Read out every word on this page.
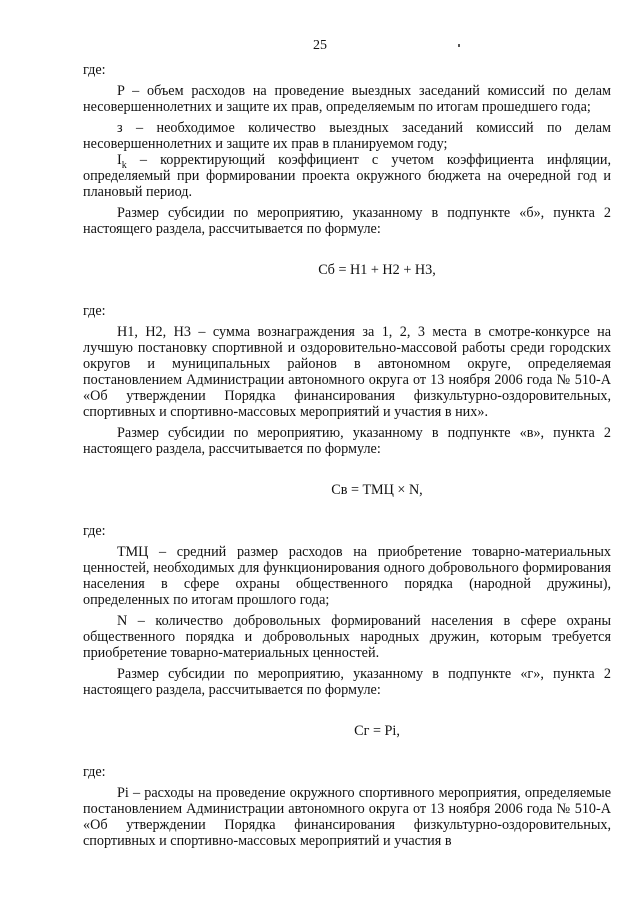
25

где:

P – объем расходов на проведение выездных заседаний комиссий по делам несовершеннолетних и защите их прав, определяемым по итогам прошедшего года;

з – необходимое количество выездных заседаний комиссий по делам несовершеннолетних и защите их прав в планируемом году;

$I_k$ – корректирующий коэффициент с учетом коэффициента инфляции, определяемый при формировании проекта окружного бюджета на очередной год и плановый период.

Размер субсидии по мероприятию, указанному в подпункте «б», пункта 2 настоящего раздела, рассчитывается по формуле:

Cб = H1 + H2 + H3,

где:

H1, H2, H3 – сумма вознаграждения за 1, 2, 3 места в смотре-конкурсе на лучшую постановку спортивной и оздоровительно-массовой работы среди городских округов и муниципальных районов в автономном округе, определяемая постановлением Администрации автономного округа от 13 ноября 2006 года № 510-А «Об утверждении Порядка финансирования физкультурно-оздоровительных, спортивных и спортивно-массовых мероприятий и участия в них».

Размер субсидии по мероприятию, указанному в подпункте «в», пункта 2 настоящего раздела, рассчитывается по формуле:

Cв = ТМЦ × N,

где:

ТМЦ – средний размер расходов на приобретение товарно-материальных ценностей, необходимых для функционирования одного добровольного формирования населения в сфере охраны общественного порядка (народной дружины), определенных по итогам прошлого года;

N – количество добровольных формирований населения в сфере охраны общественного порядка и добровольных народных дружин, которым требуется приобретение товарно-материальных ценностей.

Размер субсидии по мероприятию, указанному в подпункте «г», пункта 2 настоящего раздела, рассчитывается по формуле:

Cг = Pi,

где:

Pi – расходы на проведение окружного спортивного мероприятия, определяемые постановлением Администрации автономного округа от 13 ноября 2006 года № 510-А «Об утверждении Порядка финансирования физкультурно-оздоровительных, спортивных и спортивно-массовых мероприятий и участия в
